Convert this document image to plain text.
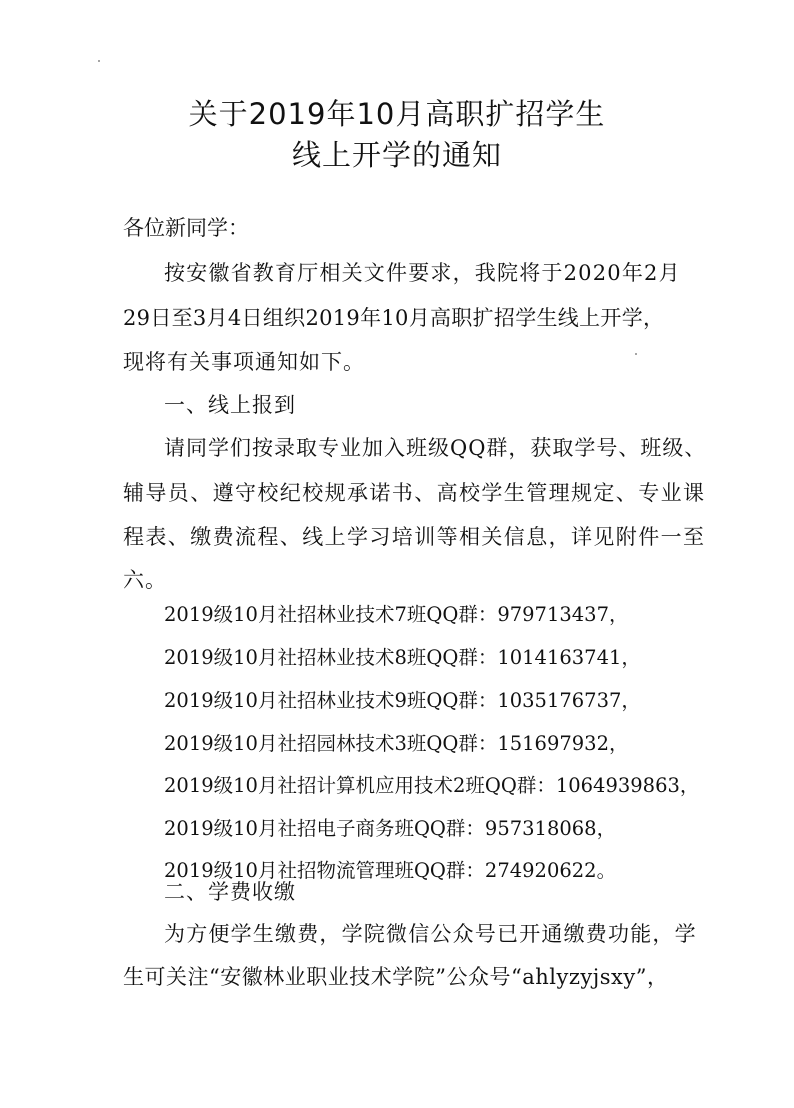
关于2019年10月高职扩招学生
线上开学的通知
各位新同学：
按安徽省教育厅相关文件要求，我院将于2020年2月
29日至3月4日组织2019年10月高职扩招学生线上开学，
现将有关事项通知如下。
一、线上报到
请同学们按录取专业加入班级QQ群，获取学号、班级、
辅导员、遵守校纪校规承诺书、高校学生管理规定、专业课
程表、缴费流程、线上学习培训等相关信息，详见附件一至
六。
2019级10月社招林业技术7班QQ群：979713437，
2019级10月社招林业技术8班QQ群：1014163741，
2019级10月社招林业技术9班QQ群：1035176737，
2019级10月社招园林技术3班QQ群：151697932，
2019级10月社招计算机应用技术2班QQ群：1064939863，
2019级10月社招电子商务班QQ群：957318068，
2019级10月社招物流管理班QQ群：274920622。
二、学费收缴
为方便学生缴费，学院微信公众号已开通缴费功能，学
生可关注“安徽林业职业技术学院”公众号“ahlyzyjsxy”，
